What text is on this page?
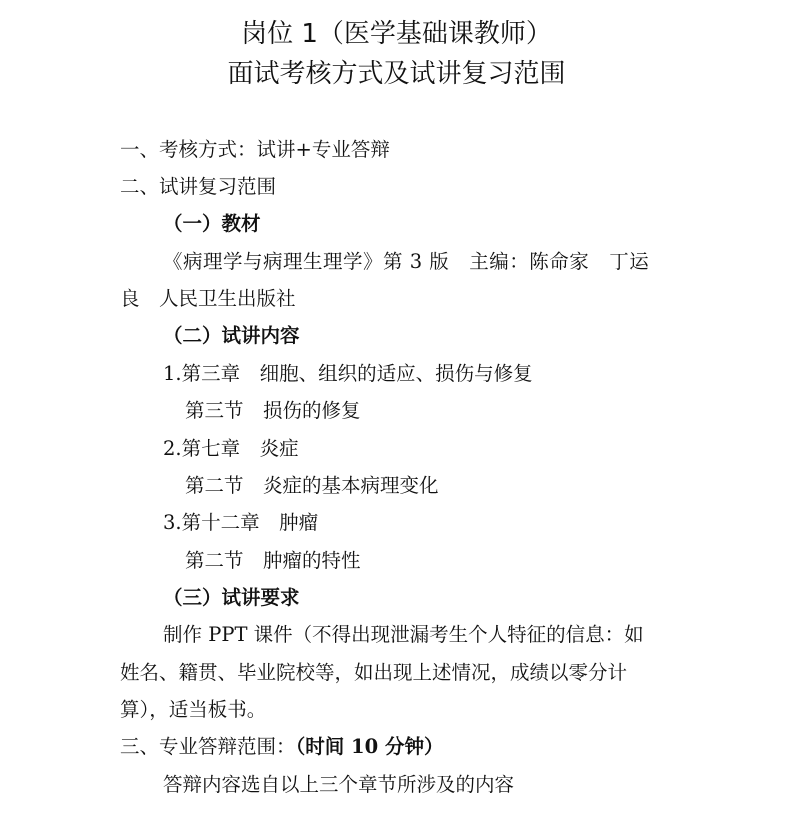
岗位 1（医学基础课教师）
面试考核方式及试讲复习范围
一、考核方式：试讲+专业答辩
二、试讲复习范围
（一）教材
《病理学与病理生理学》第 3 版　主编：陈命家　丁运
良　人民卫生出版社
（二）试讲内容
1.第三章　细胞、组织的适应、损伤与修复
第三节　损伤的修复
2.第七章　炎症
第二节　炎症的基本病理变化
3.第十二章　肿瘤
第二节　肿瘤的特性
（三）试讲要求
制作 PPT 课件（不得出现泄漏考生个人特征的信息：如
姓名、籍贯、毕业院校等，如出现上述情况，成绩以零分计
算），适当板书。
三、专业答辩范围：（时间 10 分钟）
答辩内容选自以上三个章节所涉及的内容
